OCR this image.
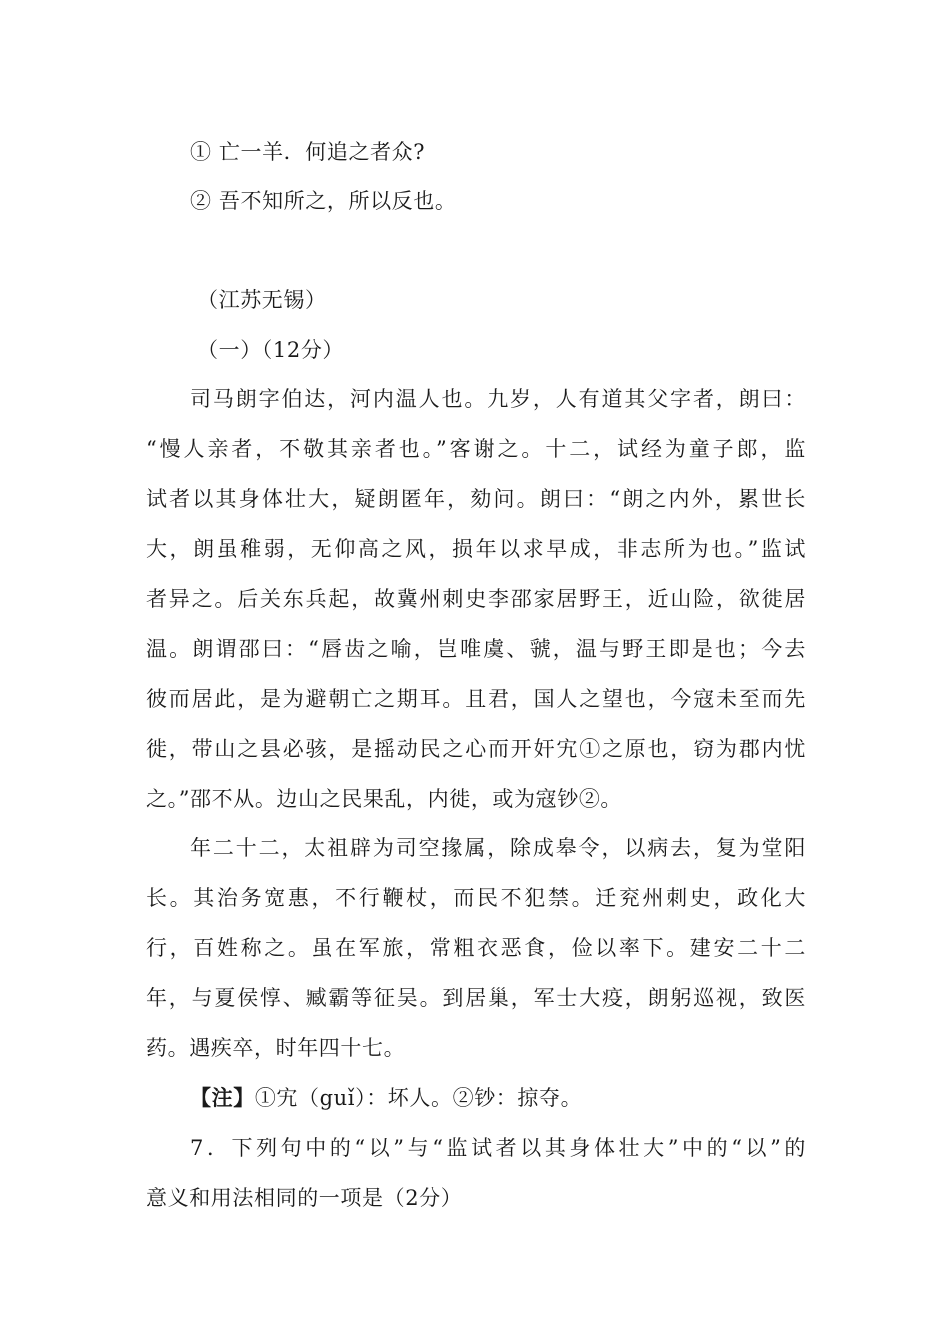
① 亡一羊．何追之者众?
② 吾不知所之，所以反也。
（江苏无锡）
（一）（12分）
司马朗字伯达，河内温人也。九岁，人有道其父字者，朗曰：
“慢人亲者，不敬其亲者也。”客谢之。十二，试经为童子郎，监
试者以其身体壮大，疑朗匿年，劾问。朗曰：“朗之内外，累世长
大，朗虽稚弱，无仰高之风，损年以求早成，非志所为也。”监试
者异之。后关东兵起，故冀州刺史李邵家居野王，近山险，欲徙居
温。朗谓邵曰：“唇齿之喻，岂唯虞、虢，温与野王即是也；今去
彼而居此，是为避朝亡之期耳。且君，国人之望也，今寇未至而先
徙，带山之县必骇，是摇动民之心而开奸宄①之原也，窃为郡内忧
之。”邵不从。边山之民果乱，内徙，或为寇钞②。
年二十二，太祖辟为司空掾属，除成皋令，以病去，复为堂阳
长。其治务宽惠，不行鞭杖，而民不犯禁。迁兖州刺史，政化大
行，百姓称之。虽在军旅，常粗衣恶食，俭以率下。建安二十二
年，与夏侯惇、臧霸等征吴。到居巢，军士大疫，朗躬巡视，致医
药。遇疾卒，时年四十七。
【注】①宄（guǐ）：坏人。②钞：掠夺。
7．下列句中的“以”与“监试者以其身体壮大”中的“以”的
意义和用法相同的一项是（2分）
